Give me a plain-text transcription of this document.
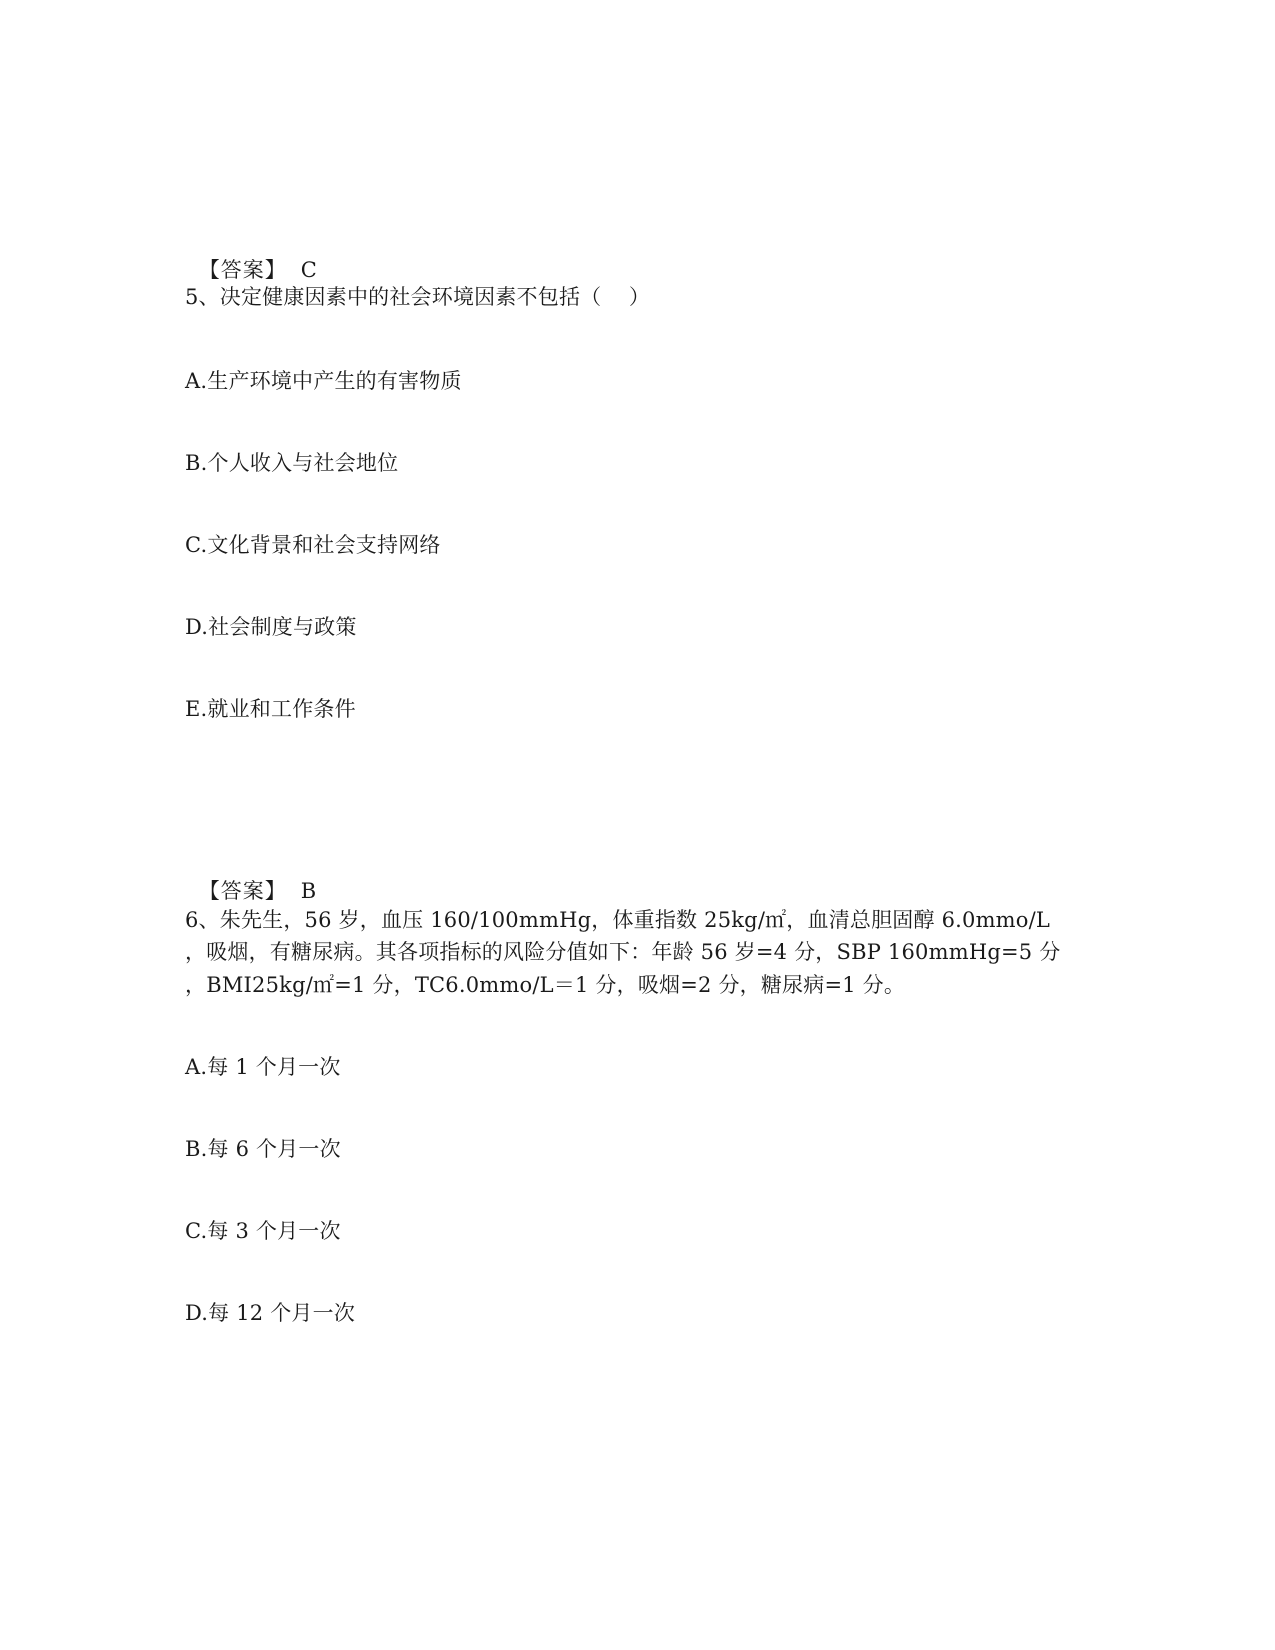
【答案】 C

5、决定健康因素中的社会环境因素不包括（    ）
A.生产环境中产生的有害物质
B.个人收入与社会地位
C.文化背景和社会支持网络
D.社会制度与政策
E.就业和工作条件

【答案】 B

6、朱先生，56 岁，血压 160/100mmHg，体重指数 25kg/㎡，血清总胆固醇 6.0mmo/L
，吸烟，有糖尿病。其各项指标的风险分值如下：年龄 56 岁=4 分，SBP 160mmHg=5 分
，BMI25kg/㎡=1 分，TC6.0mmo/L＝1 分，吸烟=2 分，糖尿病=1 分。
A.每 1 个月一次
B.每 6 个月一次
C.每 3 个月一次
D.每 12 个月一次
